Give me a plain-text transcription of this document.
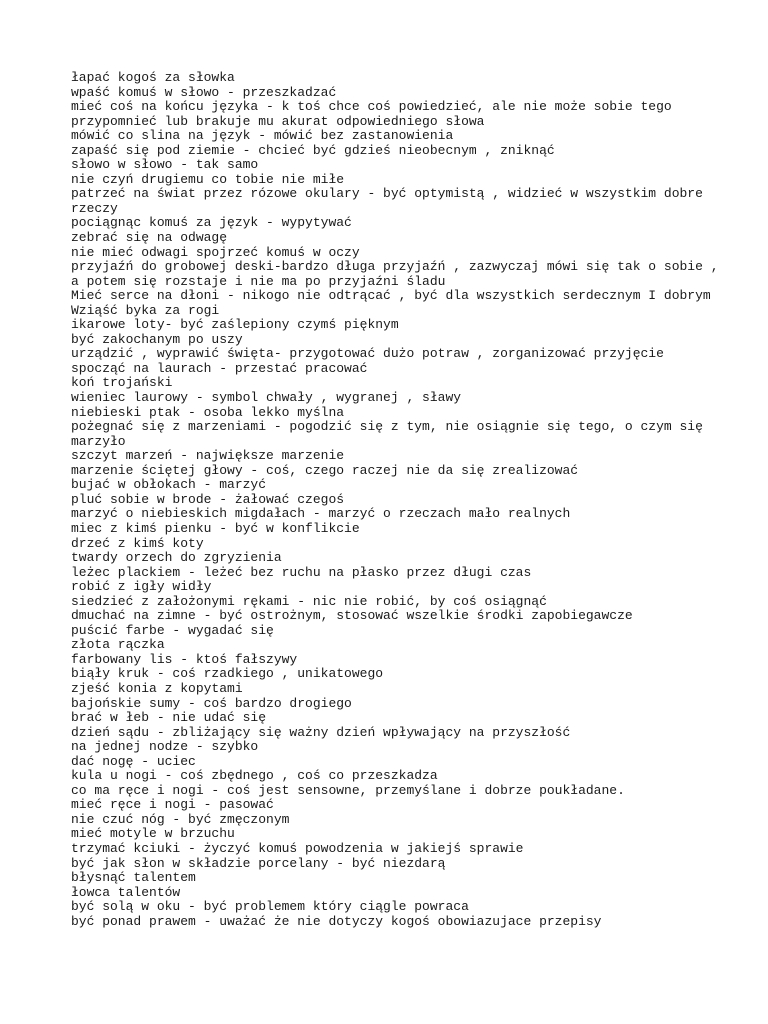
łapać kogoś za słowka
wpaść komuś w słowo - przeszkadzać
mieć coś na końcu języka - k toś chce coś powiedzieć, ale nie może sobie tego
przypomnieć lub brakuje mu akurat odpowiedniego słowa
mówić co slina na język - mówić bez zastanowienia
zapaść się pod ziemie - chcieć być gdzieś nieobecnym , zniknąć
słowo w słowo - tak samo
nie czyń drugiemu co tobie nie miłe
patrzeć na świat przez rózowe okulary - być optymistą , widzieć w wszystkim dobre
rzeczy
pociągnąc komuś za język - wypytywać
zebrać się na odwagę
nie mieć odwagi spojrzeć komuś w oczy
przyjaźń do grobowej deski-bardzo długa przyjaźń , zazwyczaj mówi się tak o sobie ,
a potem się rozstaje i nie ma po przyjaźni śladu
Mieć serce na dłoni - nikogo nie odtrącać , być dla wszystkich serdecznym I dobrym
Wziąść byka za rogi
ikarowe loty- być zaślepiony czymś pięknym
być zakochanym po uszy
urządzić , wyprawić święta- przygotować dużo potraw , zorganizować przyjęcie
spocząć na laurach - przestać pracować
koń trojański
wieniec laurowy - symbol chwały , wygranej , sławy
niebieski ptak - osoba lekko myślna
pożegnać się z marzeniami - pogodzić się z tym, nie osiągnie się tego, o czym się
marzyło
szczyt marzeń - największe marzenie
marzenie ściętej głowy - coś, czego raczej nie da się zrealizować
bujać w obłokach - marzyć
pluć sobie w brode - żałować czegoś
marzyć o niebieskich migdałach - marzyć o rzeczach mało realnych
miec z kimś pienku - być w konflikcie
drzeć z kimś koty
twardy orzech do zgryzienia
leżec plackiem - leżeć bez ruchu na płasko przez długi czas
robić z igły widły
siedzieć z założonymi rękami - nic nie robić, by coś osiągnąć
dmuchać na zimne - być ostrożnym, stosować wszelkie środki zapobiegawcze
puścić farbe - wygadać się
złota rączka
farbowany lis - ktoś fałszywy
biąły kruk - coś rzadkiego , unikatowego
zjeść konia z kopytami
bajońskie sumy - coś bardzo drogiego
brać w łeb - nie udać się
dzień sądu - zbliżający się ważny dzień wpływający na przyszłość
na jednej nodze - szybko
dać nogę - uciec
kula u nogi - coś zbędnego , coś co przeszkadza
co ma ręce i nogi - coś jest sensowne, przemyślane i dobrze poukładane.
mieć ręce i nogi - pasować
nie czuć nóg - być zmęczonym
mieć motyle w brzuchu
trzymać kciuki - życzyć komuś powodzenia w jakiejś sprawie
być jak słon w składzie porcelany - być niezdarą
błysnąć talentem
łowca talentów
być solą w oku - być problemem który ciągle powraca
być ponad prawem - uważać że nie dotyczy kogoś obowiazujace przepisy
